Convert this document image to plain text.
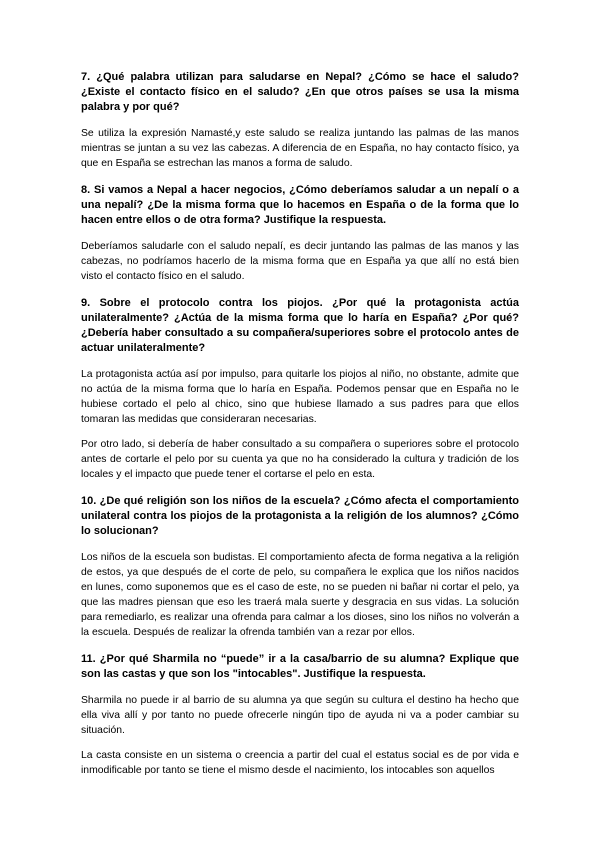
7. ¿Qué palabra utilizan para saludarse en Nepal? ¿Cómo se hace el saludo? ¿Existe el contacto físico en el saludo? ¿En que otros países se usa la misma palabra y por qué?

Se utiliza la expresión Namasté,y este saludo se realiza juntando las palmas de las manos mientras se juntan a su vez las cabezas. A diferencia de en España, no hay contacto físico, ya que en España se estrechan las manos a forma de saludo.

8. Si vamos a Nepal a hacer negocios, ¿Cómo deberíamos saludar a un nepalí o a una nepalí? ¿De la misma forma que lo hacemos en España o de la forma que lo hacen entre ellos o de otra forma? Justifique la respuesta.

Deberíamos saludarle con el saludo nepalí, es decir juntando las palmas de las manos y las cabezas, no podríamos hacerlo de la misma forma que en España ya que allí no está bien visto el contacto físico en el saludo.

9. Sobre el protocolo contra los piojos. ¿Por qué la protagonista actúa unilateralmente? ¿Actúa de la misma forma que lo haría en España? ¿Por qué? ¿Debería haber consultado a su compañera/superiores sobre el protocolo antes de actuar unilateralmente?

La protagonista actúa así por impulso, para quitarle los piojos al niño, no obstante, admite que no actúa de la misma forma que lo haría en España. Podemos pensar que en España no le hubiese cortado el pelo al chico, sino que hubiese llamado a sus padres para que ellos tomaran las medidas que consideraran necesarias.

Por otro lado, si debería de haber consultado a su compañera o superiores sobre el protocolo antes de cortarle el pelo por su cuenta ya que no ha considerado la cultura y tradición de los locales y el impacto que puede tener el cortarse el pelo en esta.

10. ¿De qué religión son los niños de la escuela? ¿Cómo afecta el comportamiento unilateral contra los piojos de la protagonista a la religión de los alumnos? ¿Cómo lo solucionan?

Los niños de la escuela son budistas. El comportamiento afecta de forma negativa a la religión de estos, ya que después de el corte de pelo, su compañera le explica que los niños nacidos en lunes, como suponemos que es el caso de este, no se pueden ni bañar ni cortar el pelo, ya que las madres piensan que eso les traerá mala suerte y desgracia en sus vidas. La solución para remediarlo, es realizar una ofrenda para calmar a los dioses, sino los niños no volverán a la escuela. Después de realizar la ofrenda también van a rezar por ellos.

11. ¿Por qué Sharmila no “puede” ir a la casa/barrio de su alumna? Explique que son las castas y que son los "intocables". Justifique la respuesta.

Sharmila no puede ir al barrio de su alumna ya que según su cultura el destino ha hecho que ella viva allí y por tanto no puede ofrecerle ningún tipo de ayuda ni va a poder cambiar su situación.

La casta consiste en un sistema o creencia a partir del cual el estatus social es de por vida e inmodificable por tanto se tiene el mismo desde el nacimiento, los intocables son aquellos
